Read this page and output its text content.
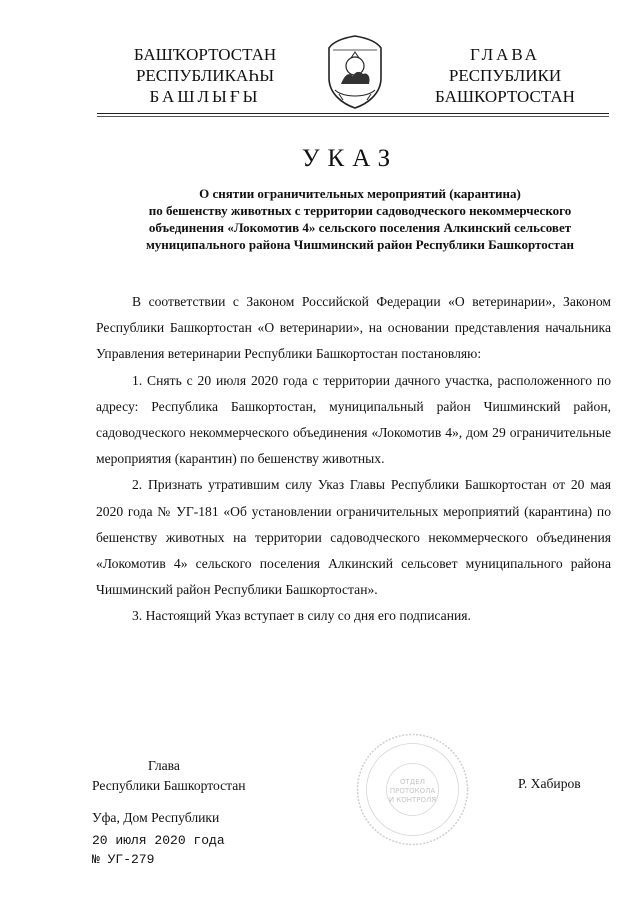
БАШҠОРТОСТАН
РЕСПУБЛИКАҺЫ
БАШЛЫҒЫ
ГЛАВА
РЕСПУБЛИКИ
БАШКОРТОСТАН
УКАЗ
О снятии ограничительных мероприятий (карантина)
по бешенству животных с территории садоводческого некоммерческого
объединения «Локомотив 4» сельского поселения Алкинский сельсовет
муниципального района Чишминский район Республики Башкортостан

В соответствии с Законом Российской Федерации «О ветеринарии», Законом Республики Башкортостан «О ветеринарии», на основании представления начальника Управления ветеринарии Республики Башкортостан постановляю:

1. Снять с 20 июля 2020 года с территории дачного участка, расположенного по адресу: Республика Башкортостан, муниципальный район Чишминский район, садоводческого некоммерческого объединения «Локомотив 4», дом 29 ограничительные мероприятия (карантин) по бешенству животных.

2. Признать утратившим силу Указ Главы Республики Башкортостан от 20 мая 2020 года № УГ-181 «Об установлении ограничительных мероприятий (карантина) по бешенству животных на территории садоводческого некоммерческого объединения «Локомотив 4» сельского поселения Алкинский сельсовет муниципального района Чишминский район Республики Башкортостан».

3. Настоящий Указ вступает в силу со дня его подписания.

ОТДЕЛ
ПРОТОКОЛА
И КОНТРОЛЯ
Глава
Республики Башкортостан	Р. Хабиров
Уфа, Дом Республики
20 июля 2020 года
№ УГ-279
